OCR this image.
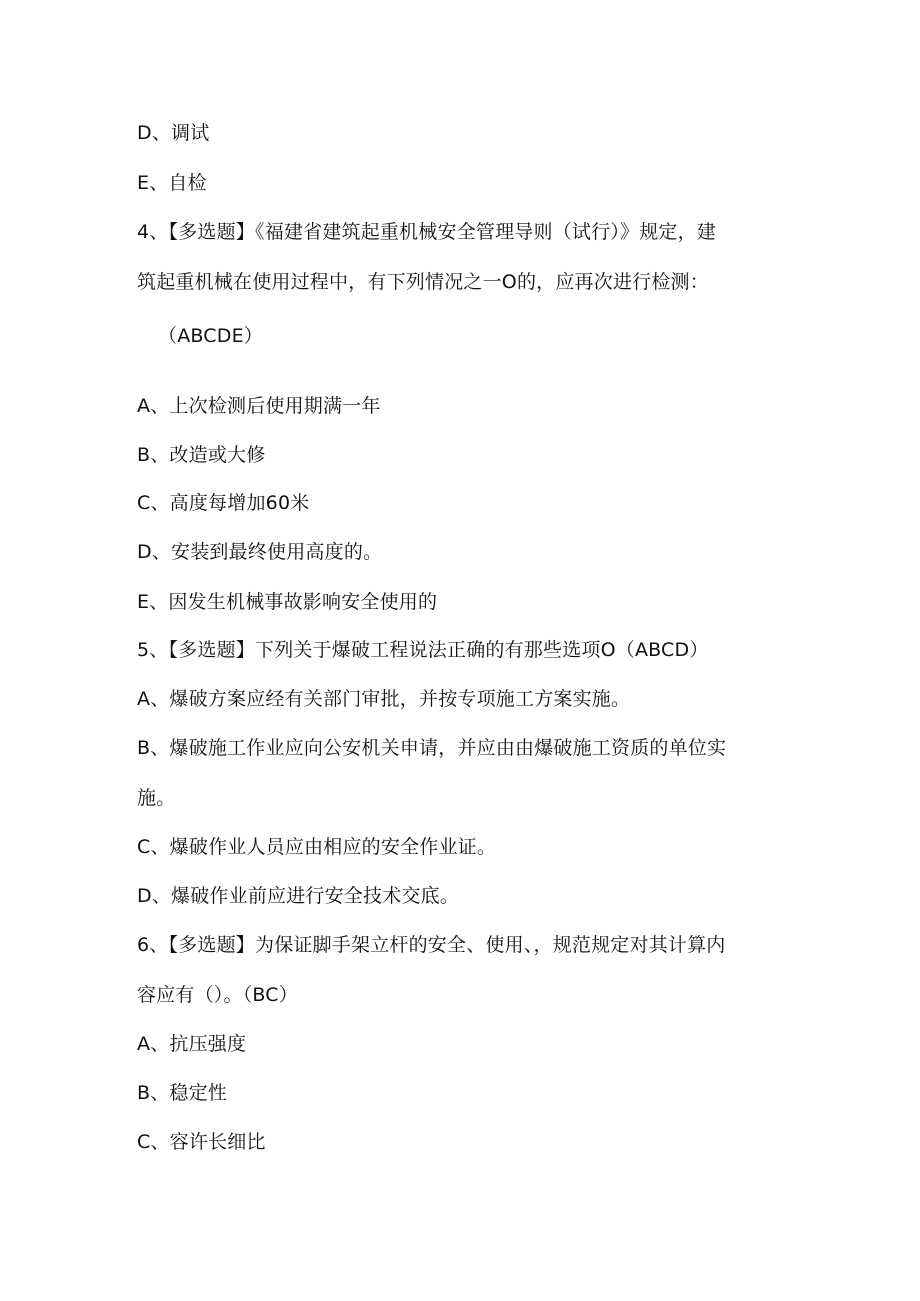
D、调试
E、自检
4、【多选题】《福建省建筑起重机械安全管理导则（试行）》规定，建
筑起重机械在使用过程中，有下列情况之一O的，应再次进行检测：
（ABCDE）
A、上次检测后使用期满一年
B、改造或大修
C、高度每增加60米
D、安装到最终使用高度的。
E、因发生机械事故影响安全使用的
5、【多选题】下列关于爆破工程说法正确的有那些选项O（ABCD）
A、爆破方案应经有关部门审批，并按专项施工方案实施。
B、爆破施工作业应向公安机关申请，并应由由爆破施工资质的单位实
施。
C、爆破作业人员应由相应的安全作业证。
D、爆破作业前应进行安全技术交底。
6、【多选题】为保证脚手架立杆的安全、使用、，规范规定对其计算内
容应有（）。（BC）
A、抗压强度
B、稳定性
C、容许长细比
